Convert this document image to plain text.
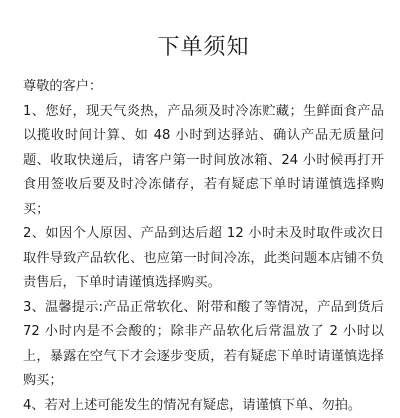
下单须知

尊敬的客户：

1、您好，现天气炎热，产品须及时冷冻贮藏；生鲜面食产品以揽收时间计算、如 48 小时到达驿站、确认产品无质量问题、收取快递后，请客户第一时间放冰箱、24 小时候再打开食用签收后要及时冷冻储存，若有疑虑下单时请谨慎选择购买；

2、如因个人原因、产品到达后超 12 小时未及时取件或次日取件导致产品软化、也应第一时间冷冻，此类问题本店铺不负责售后，下单时请谨慎选择购买。

3、温馨提示:产品正常软化、附带和酸了等情况，产品到货后 72 小时内是不会酸的；除非产品软化后常温放了 2 小时以上，暴露在空气下才会逐步变质，若有疑虑下单时请谨慎选择购买；

4、若对上述可能发生的情况有疑虑，请谨慎下单、勿拍。
